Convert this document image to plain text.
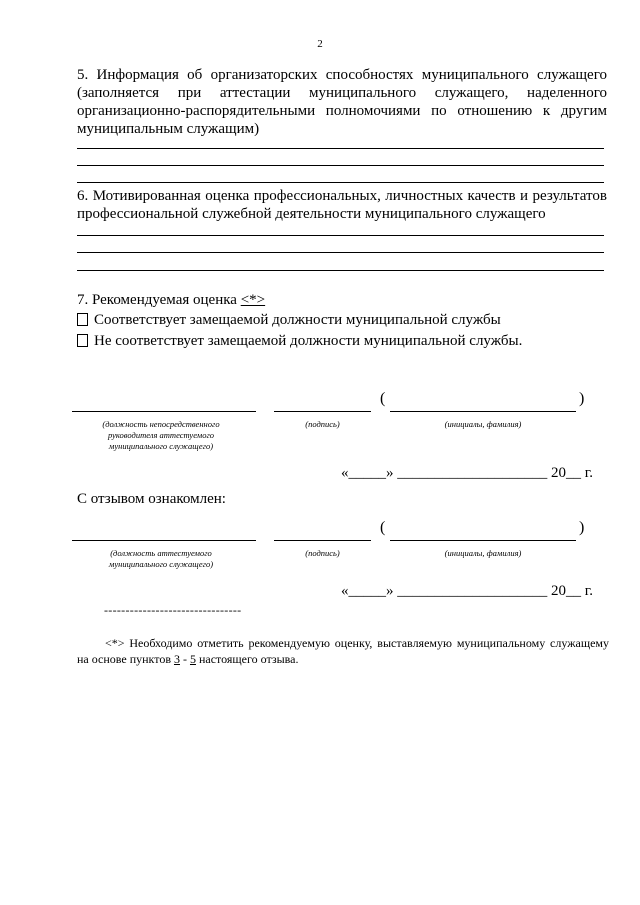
2
5. Информация об организаторских способностях муниципального служащего
(заполняется при аттестации муниципального служащего, наделенного
организационно-распорядительными полномочиями по отношению к другим
муниципальным служащим)
6. Мотивированная оценка профессиональных, личностных качеств и результатов
профессиональной служебной деятельности муниципального служащего
7. Рекомендуемая оценка <*>
Соответствует замещаемой должности муниципальной службы
Не соответствует замещаемой должности муниципальной службы.
(	)
(должность непосредственного руководителя аттестуемого муниципального служащего)
(подпись)	(инициалы, фамилия)
«_____» ____________________ 20__ г.
С отзывом ознакомлен:
(	)
(должность аттестуемого муниципального служащего)
(подпись)	(инициалы, фамилия)
«_____» ____________________ 20__ г.
--------------------------------
<*> Необходимо отметить рекомендуемую оценку, выставляемую муниципальному служащему на основе пунктов 3 - 5 настоящего отзыва.
